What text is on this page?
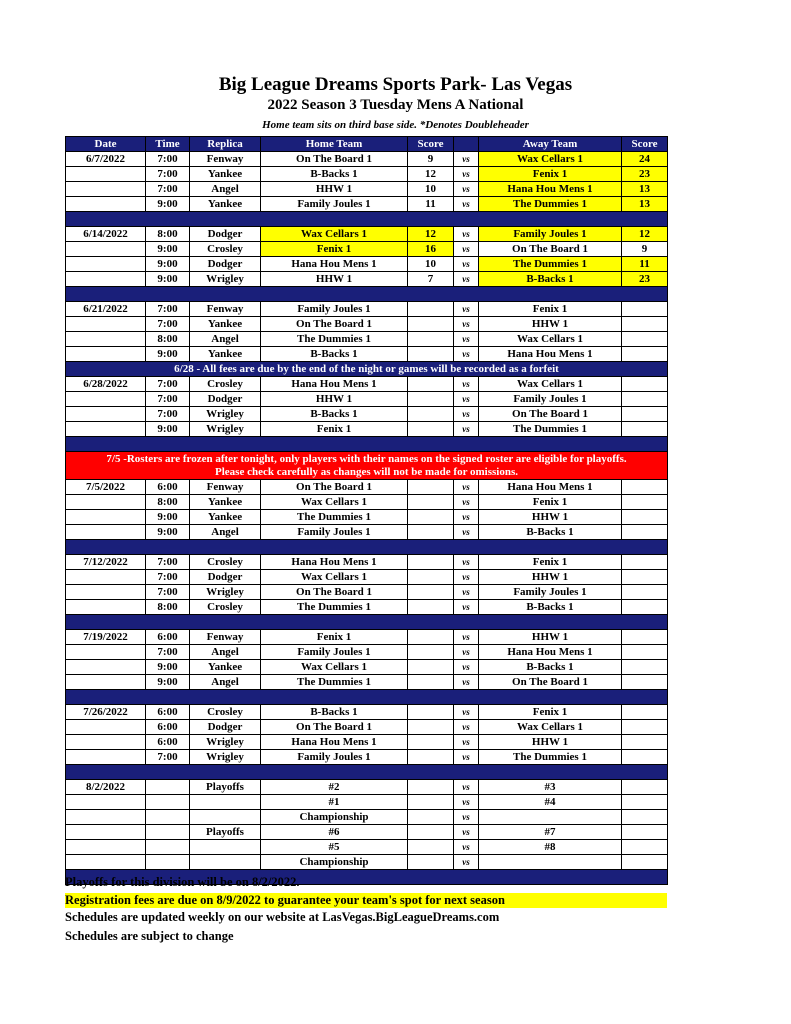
Big League Dreams Sports Park- Las Vegas
2022 Season 3 Tuesday Mens A National
Home team sits on third base side. *Denotes Doubleheader
Date	Time	Replica	Home Team	Score		Away Team	Score
6/7/2022	7:00	Fenway	On The Board 1	9	vs	Wax Cellars 1	24
	7:00	Yankee	B-Backs 1	12	vs	Fenix 1	23
	7:00	Angel	HHW 1	10	vs	Hana Hou Mens 1	13
	9:00	Yankee	Family Joules 1	11	vs	The Dummies 1	13

6/14/2022	8:00	Dodger	Wax Cellars 1	12	vs	Family Joules 1	12
	9:00	Crosley	Fenix 1	16	vs	On The Board 1	9
	9:00	Dodger	Hana Hou Mens 1	10	vs	The Dummies 1	11
	9:00	Wrigley	HHW 1	7	vs	B-Backs 1	23

6/21/2022	7:00	Fenway	Family Joules 1		vs	Fenix 1	
	7:00	Yankee	On The Board 1		vs	HHW 1	
	8:00	Angel	The Dummies 1		vs	Wax Cellars 1	
	9:00	Yankee	B-Backs 1		vs	Hana Hou Mens 1	
6/28 - All fees are due by the end of the night or games will be recorded as a forfeit							
6/28/2022	7:00	Crosley	Hana Hou Mens 1		vs	Wax Cellars 1	
	7:00	Dodger	HHW 1		vs	Family Joules 1	
	7:00	Wrigley	B-Backs 1		vs	On The Board 1	
	9:00	Wrigley	Fenix 1		vs	The Dummies 1	

7/5 -Rosters are frozen after tonight, only players with their names on the signed roster are eligible for playoffs.
Please check carefully as changes will not be made for omissions.							

7/5/2022	6:00	Fenway	On The Board 1		vs	Hana Hou Mens 1	
	8:00	Yankee	Wax Cellars 1		vs	Fenix 1	
	9:00	Yankee	The Dummies 1		vs	HHW 1	
	9:00	Angel	Family Joules 1		vs	B-Backs 1	

7/12/2022	7:00	Crosley	Hana Hou Mens 1		vs	Fenix 1	
	7:00	Dodger	Wax Cellars 1		vs	HHW 1	
	7:00	Wrigley	On The Board 1		vs	Family Joules 1	
	8:00	Crosley	The Dummies 1		vs	B-Backs 1	

7/19/2022	6:00	Fenway	Fenix 1		vs	HHW 1	
	7:00	Angel	Family Joules 1		vs	Hana Hou Mens 1	
	9:00	Yankee	Wax Cellars 1		vs	B-Backs 1	
	9:00	Angel	The Dummies 1		vs	On The Board 1	

7/26/2022	6:00	Crosley	B-Backs 1		vs	Fenix 1	
	6:00	Dodger	On The Board 1		vs	Wax Cellars 1	
	6:00	Wrigley	Hana Hou Mens 1		vs	HHW 1	
	7:00	Wrigley	Family Joules 1		vs	The Dummies 1	

8/2/2022		Playoffs	#2		vs	#3	
			#1		vs	#4	
			Championship		vs		
		Playoffs	#6		vs	#7	
			#5		vs	#8	
			Championship		vs		

Playoffs for this division will be on 8/2/2022.
Registration fees are due on 8/9/2022 to guarantee your team's spot for next season
Schedules are updated weekly on our website at LasVegas.BigLeagueDreams.com
Schedules are subject to change
